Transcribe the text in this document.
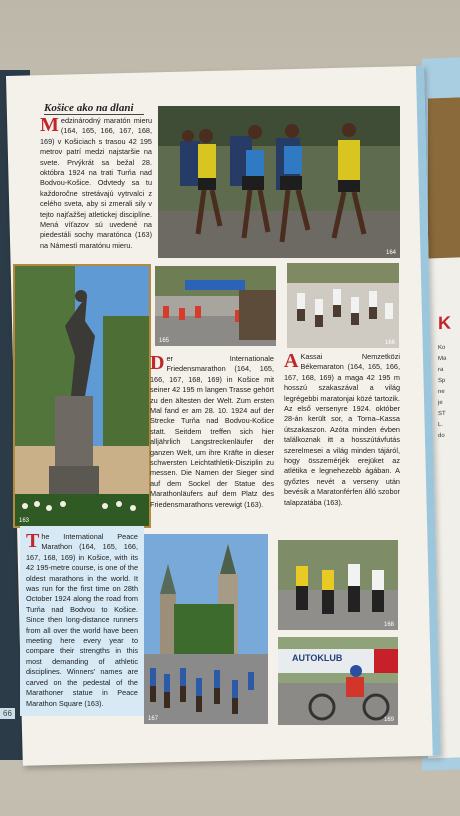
K
Ko
Ma
ra
Sp
ne
je
ST
L.
do
Košice ako na dlani
Medzinárodný maratón mieru (164, 165, 166, 167, 168, 169) v Košiciach s trasou 42 195 metrov patrí medzi najstaršie na svete. Prvýkrát sa bežal 28. októbra 1924 na trati Turňa nad Bodvou-Košice. Odvtedy sa tu každoročne stretávajú vytrvalci z celého sveta, aby si zmerali sily v tejto najťažšej atletickej disciplíne. Mená víťazov sú uvedené na piedestáli sochy maratónca (163) na Námestí maratónu mieru.
164
163
165	166
Der Internationale Friedensmarathon (164, 165, 166, 167, 168, 169) in Košice mit seiner 42 195 m langen Trasse gehört zu den ältesten der Welt. Zum ersten Mal fand er am 28. 10. 1924 auf der Strecke Turňa nad Bodvou-Košice statt. Seitdem treffen sich hier alljährlich Langstreckenläufer der ganzen Welt, um ihre Kräfte in dieser schwersten Leichtathletik-Disziplin zu messen. Die Namen der Sieger sind auf dem Sockel der Statue des Marathonläufers auf dem Platz des Friedensmarathons verewigt (163).
A Kassai Nemzetközi Békemaraton (164, 165, 166, 167, 168, 169) a maga 42 195 m hosszú szakaszával a világ legrégebbi maratonjai közé tartozik. Az első versenyre 1924. október 28-án került sor, a Torna–Kassa útszakaszon. Azóta minden évben találkoznak itt a hosszútávfutás szerelmesei a világ minden tájáról, hogy összemérjék erejüket az atlétika e legnehezebb ágában. A győztes nevét a verseny után bevésik a Maratonférfen álló szobor talapzatába (163).
The International Peace Marathon (164, 165, 166, 167, 168, 169) in Košice, with its 42 195-metre course, is one of the oldest marathons in the world. It was run for the first time on 28th October 1924 along the road from Turňa nad Bodvou to Košice. Since then long-distance runners from all over the world have been meeting here every year to compare their strengths in this most demanding of athletic disciplines. Winners' names are carved on the pedestal of the Marathoner statue in Peace Marathon Square (163).
167
168
AUTOKLUB
169
66
